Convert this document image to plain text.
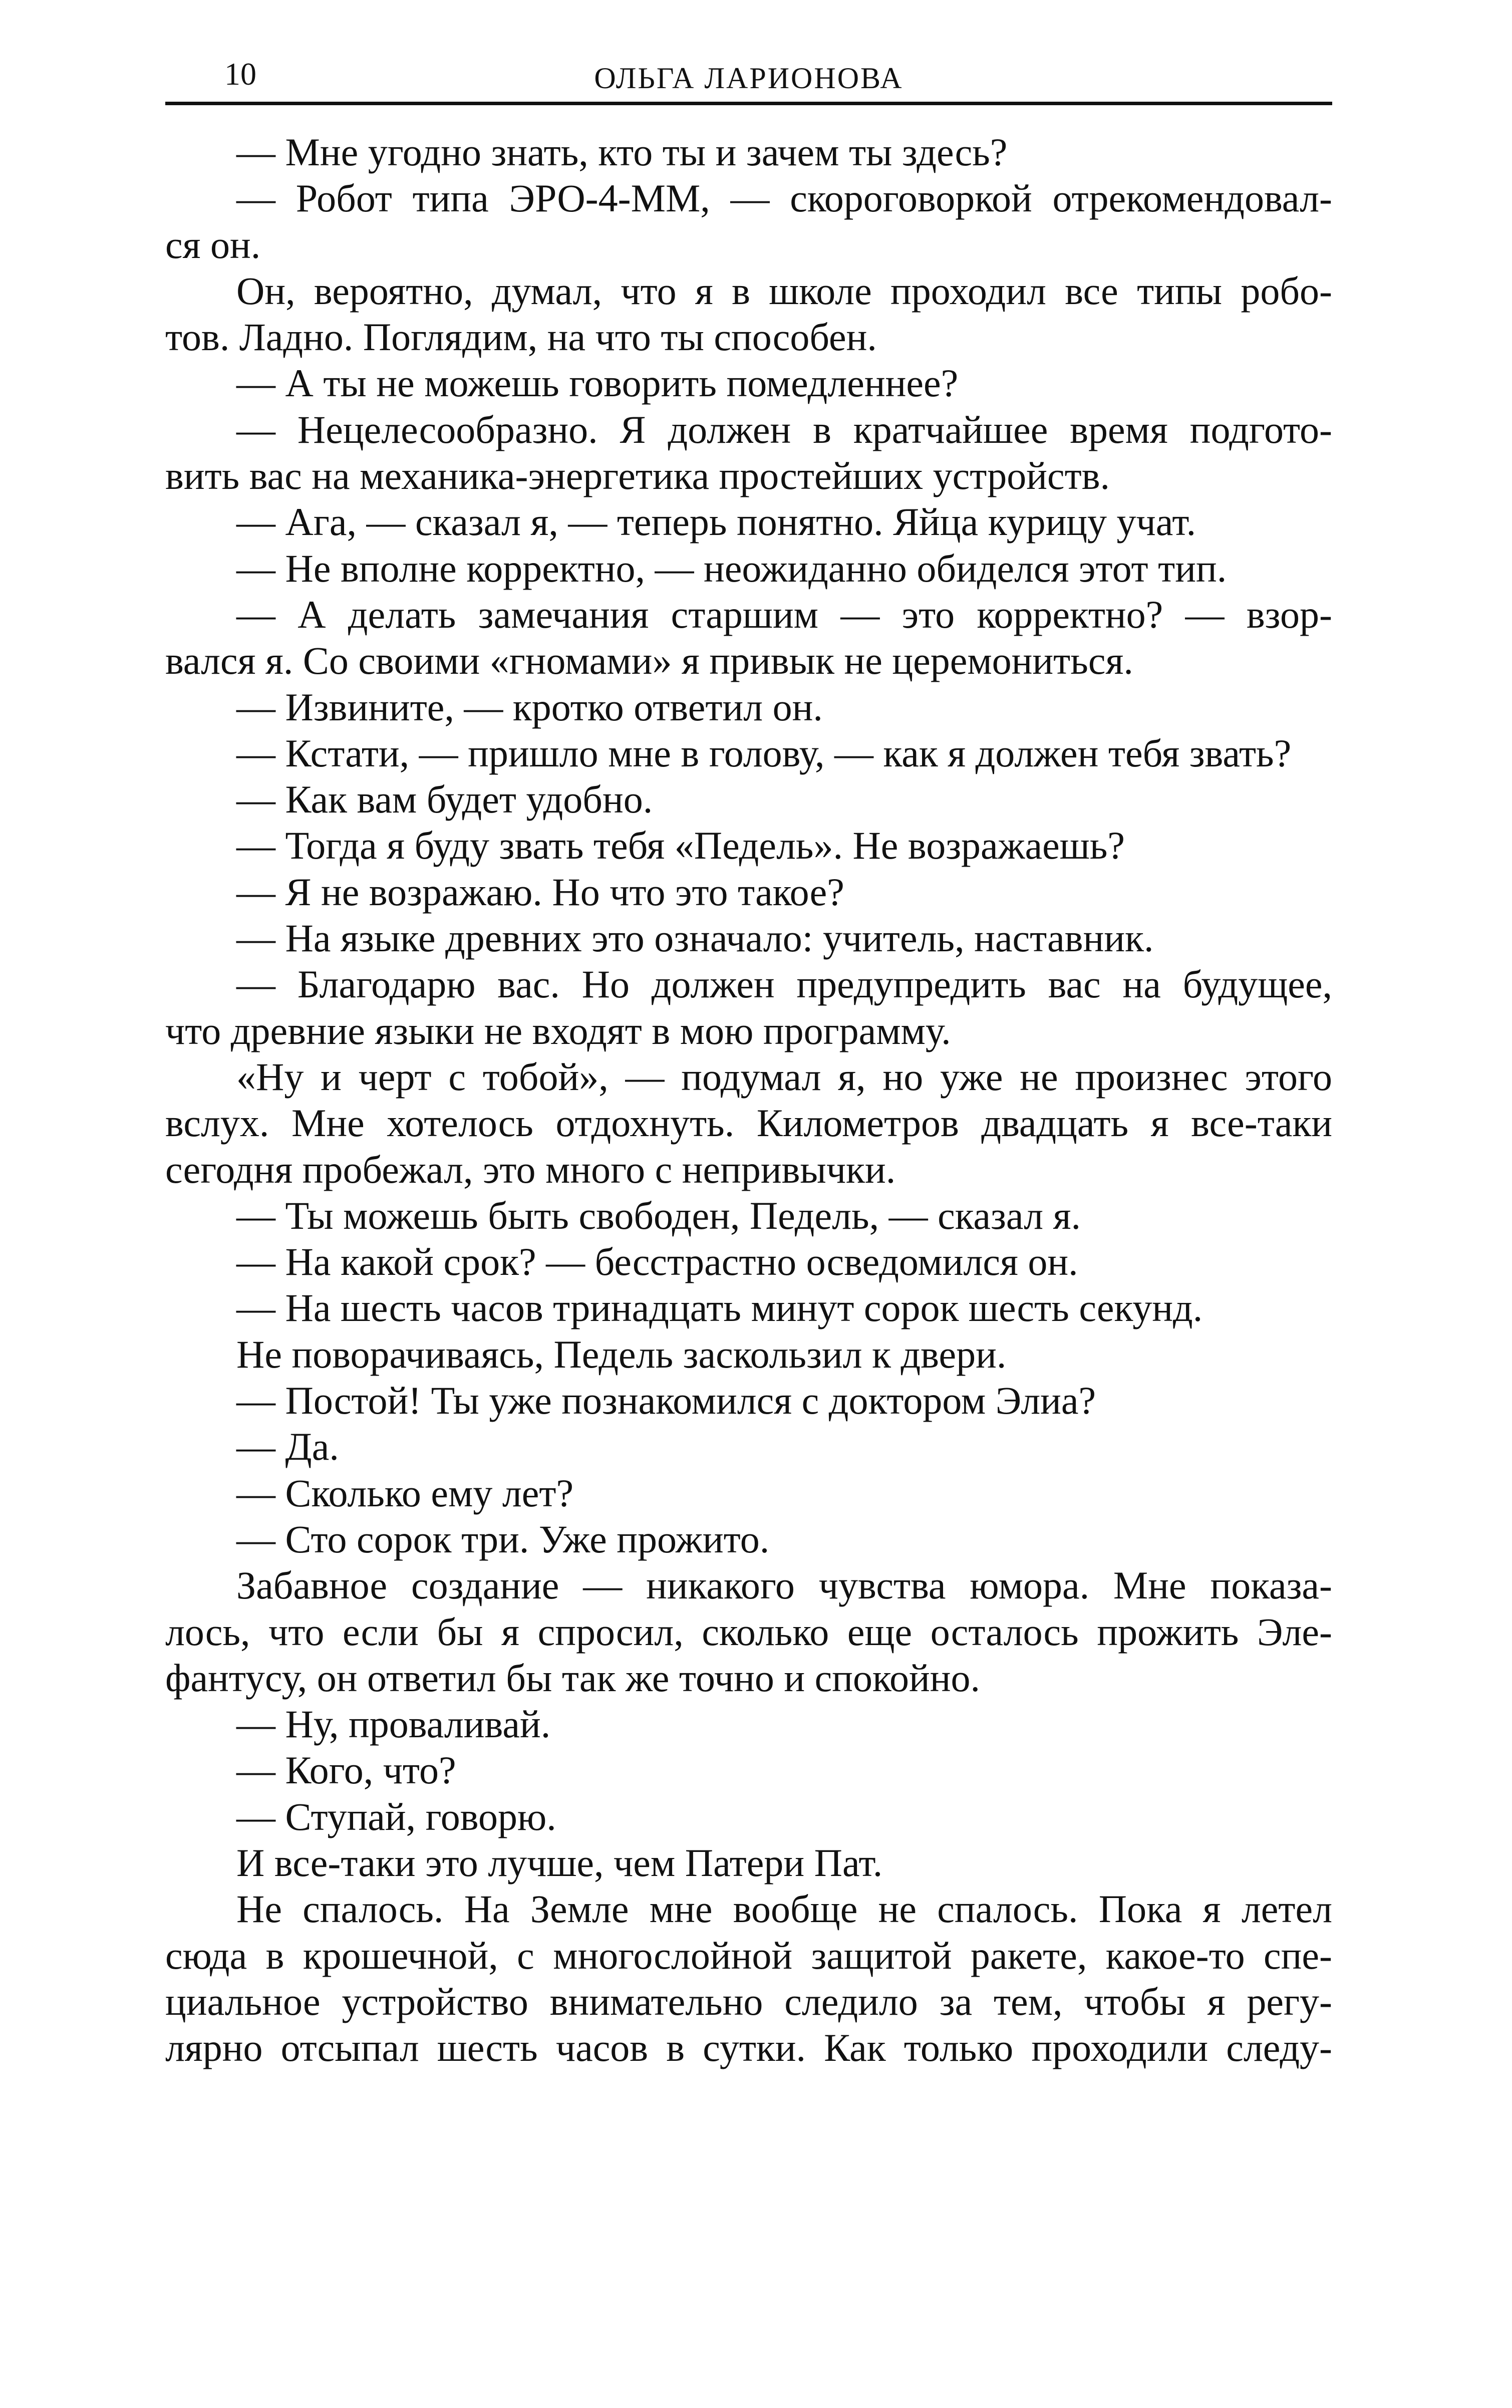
10	ОЛЬГА ЛАРИОНОВА
— Мне угодно знать, кто ты и зачем ты здесь?
— Робот типа ЭРО-4-ММ, — скороговоркой отрекомендовал-
ся он.
Он, вероятно, думал, что я в школе проходил все типы робо-
тов. Ладно. Поглядим, на что ты способен.
— А ты не можешь говорить помедленнее?
— Нецелесообразно. Я должен в кратчайшее время подгото-
вить вас на механика-энергетика простейших устройств.
— Ага, — сказал я, — теперь понятно. Яйца курицу учат.
— Не вполне корректно, — неожиданно обиделся этот тип.
— А делать замечания старшим — это корректно? — взор-
вался я. Со своими «гномами» я привык не церемониться.
— Извините, — кротко ответил он.
— Кстати, — пришло мне в голову, — как я должен тебя звать?
— Как вам будет удобно.
— Тогда я буду звать тебя «Педель». Не возражаешь?
— Я не возражаю. Но что это такое?
— На языке древних это означало: учитель, наставник.
— Благодарю вас. Но должен предупредить вас на будущее,
что древние языки не входят в мою программу.
«Ну и черт с тобой», — подумал я, но уже не произнес этого
вслух. Мне хотелось отдохнуть. Километров двадцать я все-таки
сегодня пробежал, это много с непривычки.
— Ты можешь быть свободен, Педель, — сказал я.
— На какой срок? — бесстрастно осведомился он.
— На шесть часов тринадцать минут сорок шесть секунд.
Не поворачиваясь, Педель заскользил к двери.
— Постой! Ты уже познакомился с доктором Элиа?
— Да.
— Сколько ему лет?
— Сто сорок три. Уже прожито.
Забавное создание — никакого чувства юмора. Мне показа-
лось, что если бы я спросил, сколько еще осталось прожить Эле-
фантусу, он ответил бы так же точно и спокойно.
— Ну, проваливай.
— Кого, что?
— Ступай, говорю.
И все-таки это лучше, чем Патери Пат.
Не спалось. На Земле мне вообще не спалось. Пока я летел
сюда в крошечной, с многослойной защитой ракете, какое-то спе-
циальное устройство внимательно следило за тем, чтобы я регу-
лярно отсыпал шесть часов в сутки. Как только проходили следу-
